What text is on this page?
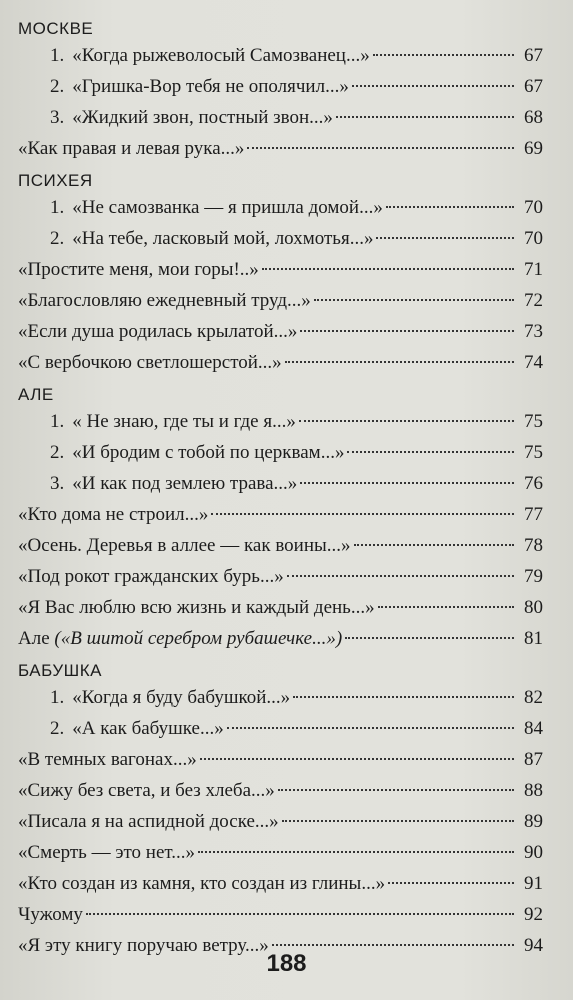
МОСКВЕ
1. «Когда рыжеволосый Самозванец...»	67
2. «Гришка-Вор тебя не ополячил...»	67
3. «Жидкий звон, постный звон...»	68
«Как правая и левая рука...»	69
ПСИХЕЯ
1. «Не самозванка — я пришла домой...»	70
2. «На тебе, ласковый мой, лохмотья...»	70
«Простите меня, мои горы!..»	71
«Благословляю ежедневный труд...»	72
«Если душа родилась крылатой...»	73
«С вербочкою светлошерстой...»	74
АЛЕ
1. « Не знаю, где ты и где я...»	75
2. «И бродим с тобой по церквам...»	75
3. «И как под землею трава...»	76
«Кто дома не строил...»	77
«Осень. Деревья в аллее — как воины...»	78
«Под рокот гражданских бурь...»	79
«Я Вас люблю всю жизнь и каждый день...»	80
Але («В шитой серебром рубашечке...»)	81
БАБУШКА
1. «Когда я буду бабушкой...»	82
2. «А как бабушке...»	84
«В темных вагонах...»	87
«Сижу без света, и без хлеба...»	88
«Писала я на аспидной доске...»	89
«Смерть — это нет...»	90
«Кто создан из камня, кто создан из глины...»	91
Чужому	92
«Я эту книгу поручаю ветру...»	94
188
